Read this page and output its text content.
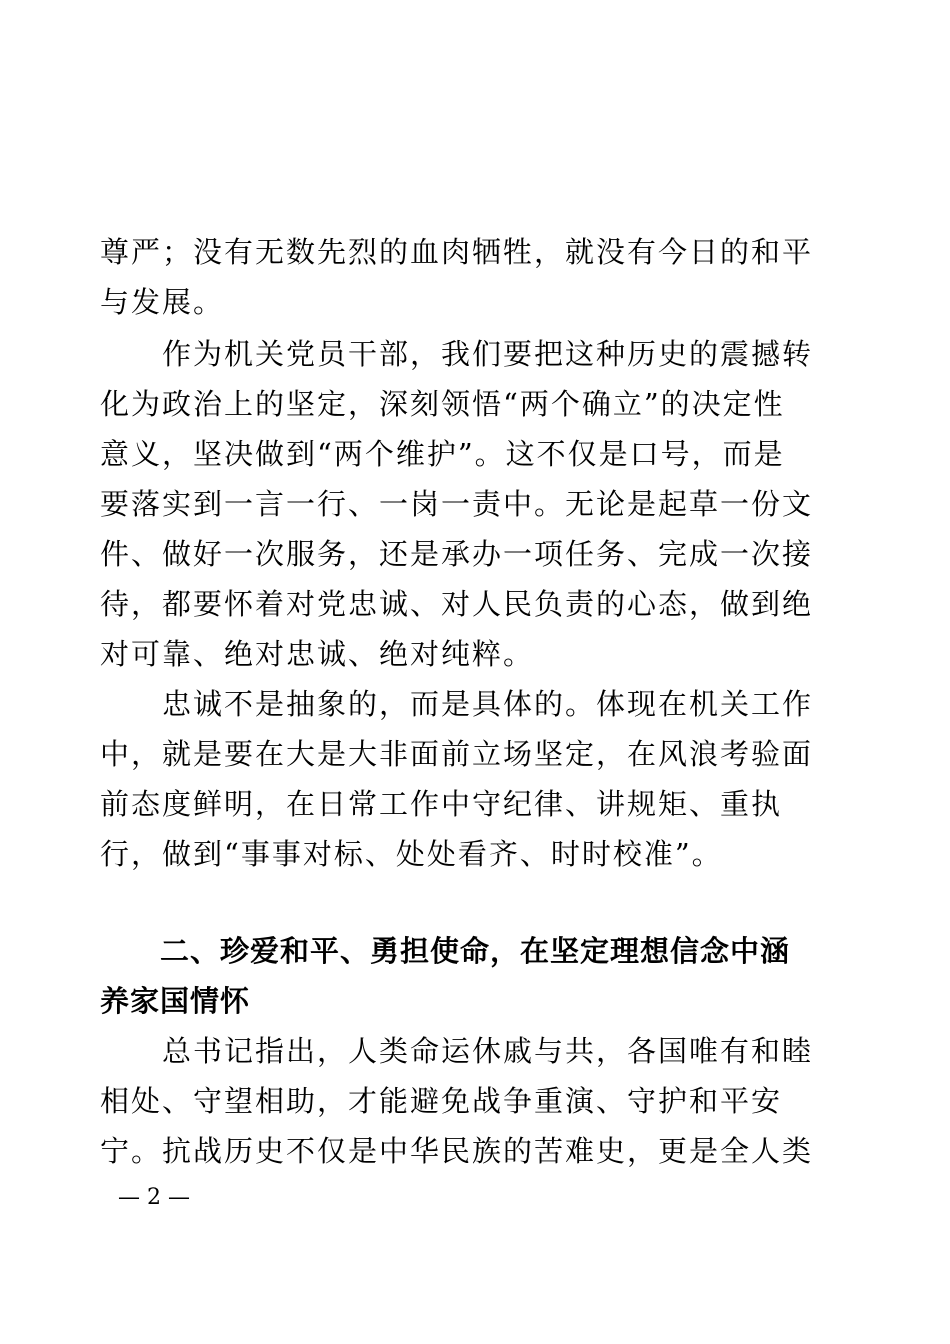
尊严；没有无数先烈的血肉牺牲，就没有今日的和平
与发展。
　　作为机关党员干部，我们要把这种历史的震撼转
化为政治上的坚定，深刻领悟“两个确立”的决定性
意义，坚决做到“两个维护”。这不仅是口号，而是
要落实到一言一行、一岗一责中。无论是起草一份文
件、做好一次服务，还是承办一项任务、完成一次接
待，都要怀着对党忠诚、对人民负责的心态，做到绝
对可靠、绝对忠诚、绝对纯粹。
　　忠诚不是抽象的，而是具体的。体现在机关工作
中，就是要在大是大非面前立场坚定，在风浪考验面
前态度鲜明，在日常工作中守纪律、讲规矩、重执
行，做到“事事对标、处处看齐、时时校准”。
　　二、珍爱和平、勇担使命，在坚定理想信念中涵
养家国情怀
　　总书记指出，人类命运休戚与共，各国唯有和睦
相处、守望相助，才能避免战争重演、守护和平安
宁。抗战历史不仅是中华民族的苦难史，更是全人类
— 2 —
